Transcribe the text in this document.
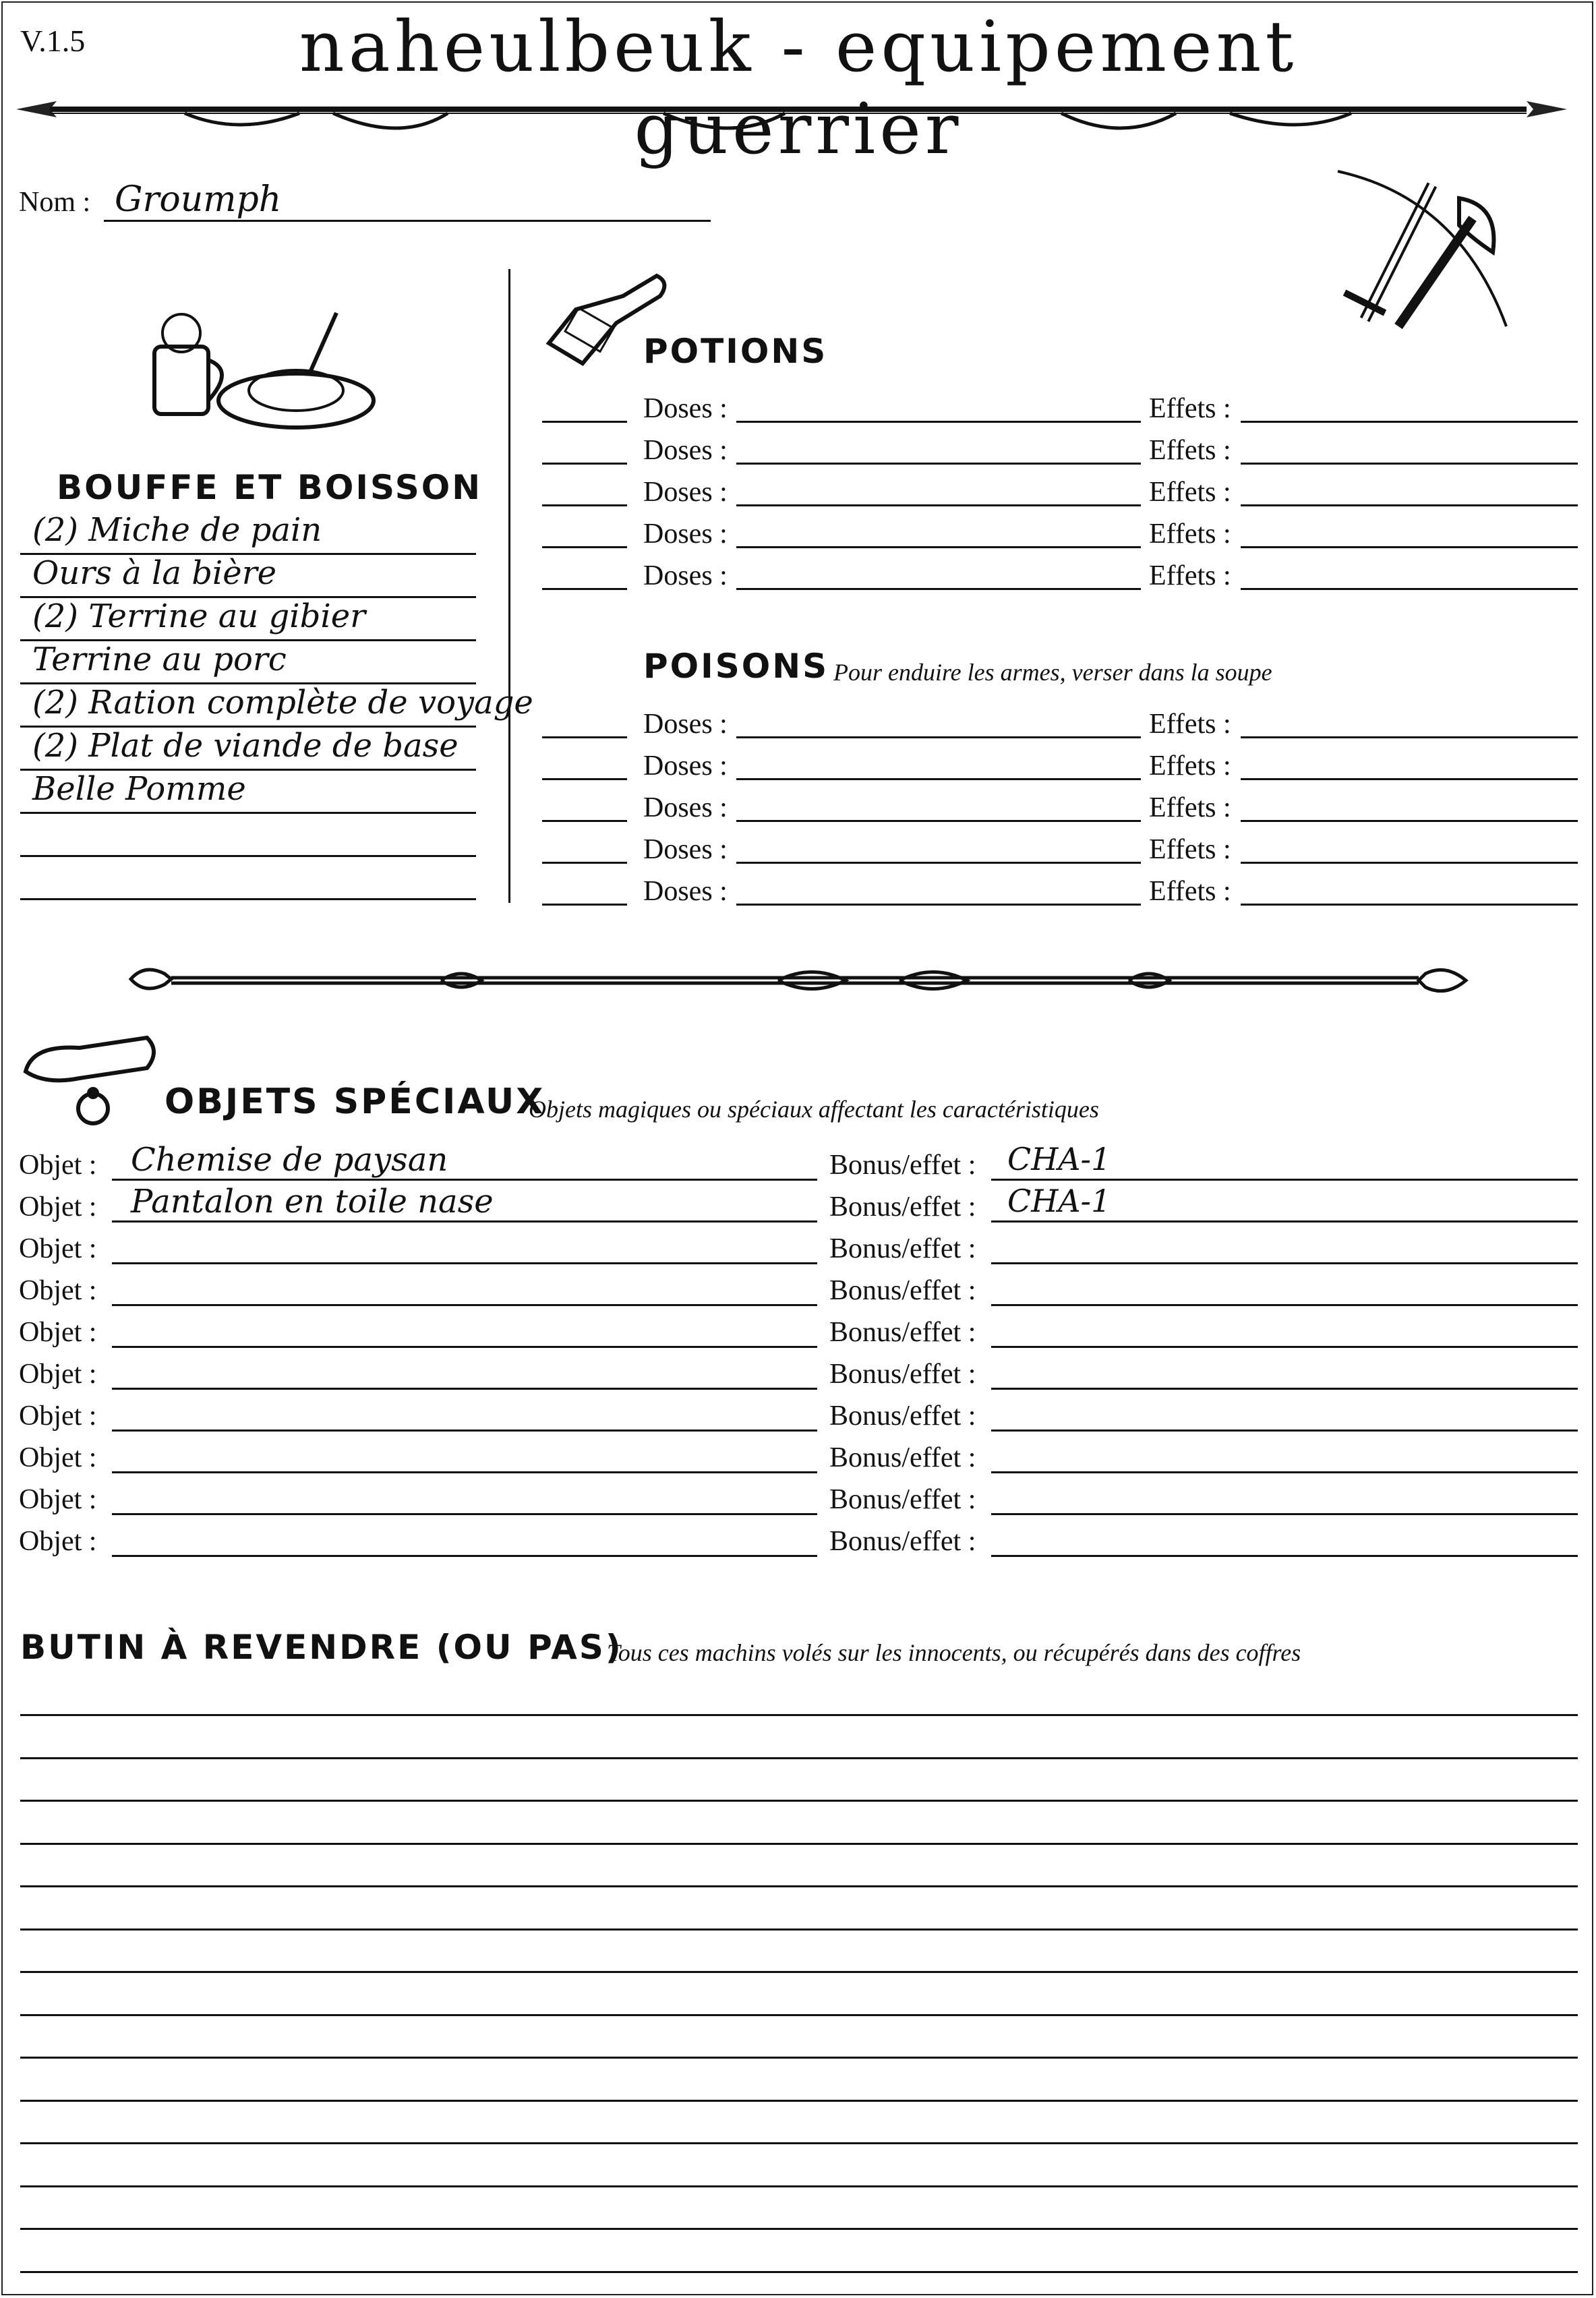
V.1.5	naheulbeuk - equipement guerrier
Nom : Groumph
BOUFFE ET BOISSON
(2) Miche de pain
Ours à la bière
(2) Terrine au gibier
Terrine au porc
(2) Ration complète de voyage
(2) Plat de viande de base
Belle Pomme
POTIONS
Doses :	Effets :
Doses :	Effets :
Doses :	Effets :
Doses :	Effets :
Doses :	Effets :
POISONS Pour enduire les armes, verser dans la soupe
Doses :	Effets :
Doses :	Effets :
Doses :	Effets :
Doses :	Effets :
Doses :	Effets :
OBJETS SPÉCIAUX
Objets magiques ou spéciaux affectant les caractéristiques
Objet : Chemise de paysan	Bonus/effet : CHA-1
Objet : Pantalon en toile nase	Bonus/effet : CHA-1
Objet :	Bonus/effet :
Objet :	Bonus/effet :
Objet :	Bonus/effet :
Objet :	Bonus/effet :
Objet :	Bonus/effet :
Objet :	Bonus/effet :
Objet :	Bonus/effet :
Objet :	Bonus/effet :
BUTIN À REVENDRE (OU PAS)
Tous ces machins volés sur les innocents, ou récupérés dans des coffres
